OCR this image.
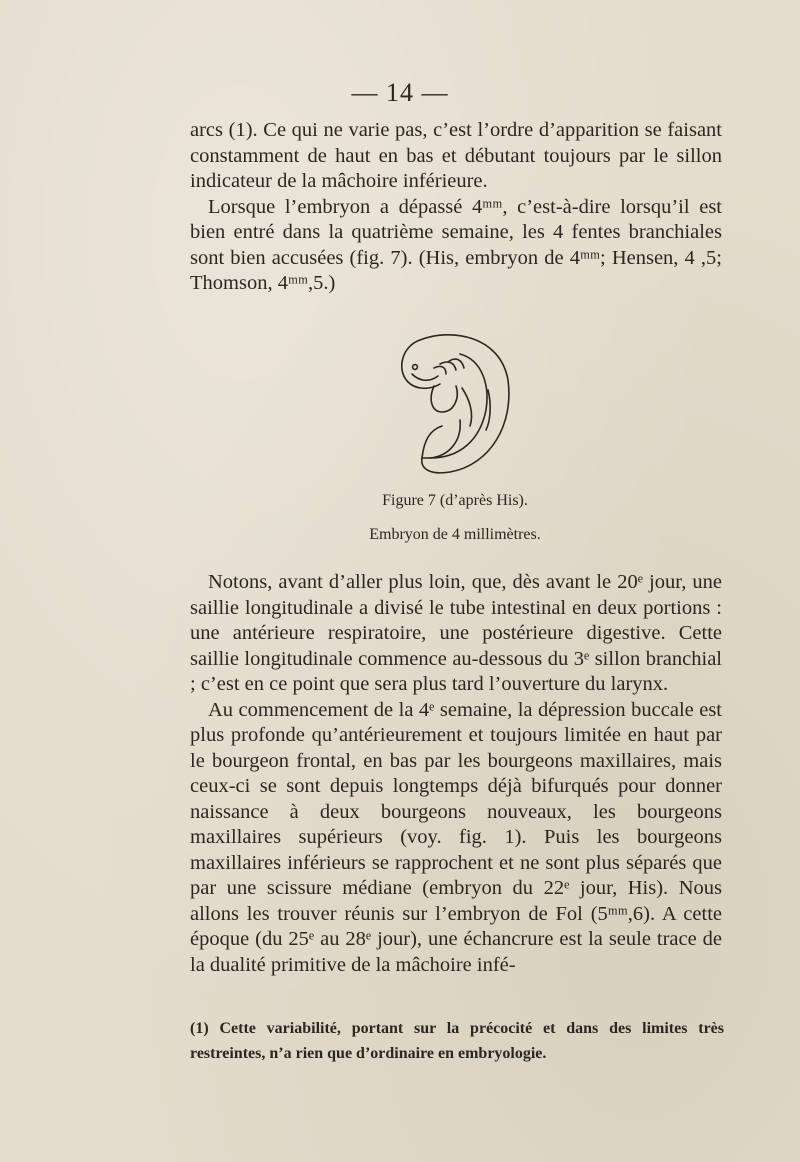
— 14 —

arcs (1). Ce qui ne varie pas, c’est l’ordre d’apparition se faisant constamment de haut en bas et débutant toujours par le sillon indicateur de la mâchoire inférieure.

Lorsque l’embryon a dépassé 4ᵐᵐ, c’est-à-dire lorsqu’il est bien entré dans la quatrième semaine, les 4 fentes branchiales sont bien accusées (fig. 7). (His, embryon de 4ᵐᵐ; Hensen, 4 ,5; Thomson, 4ᵐᵐ,5.)

Figure 7 (d’après His).
Embryon de 4 millimètres.

Notons, avant d’aller plus loin, que, dès avant le 20ᵉ jour, une saillie longitudinale a divisé le tube intestinal en deux portions : une antérieure respiratoire, une postérieure digestive. Cette saillie longitudinale commence au-dessous du 3ᵉ sillon branchial ; c’est en ce point que sera plus tard l’ouverture du larynx.

Au commencement de la 4ᵉ semaine, la dépression buccale est plus profonde qu’antérieurement et toujours limitée en haut par le bourgeon frontal, en bas par les bourgeons maxillaires, mais ceux-ci se sont depuis longtemps déjà bifurqués pour donner naissance à deux bourgeons nouveaux, les bourgeons maxillaires supérieurs (voy. fig. 1). Puis les bourgeons maxillaires inférieurs se rapprochent et ne sont plus séparés que par une scissure médiane (embryon du 22ᵉ jour, His). Nous allons les trouver réunis sur l’embryon de Fol (5ᵐᵐ,6). A cette époque (du 25ᵉ au 28ᵉ jour), une échancrure est la seule trace de la dualité primitive de la mâchoire infé-

(1) Cette variabilité, portant sur la précocité et dans des limites très restreintes, n’a rien que d’ordinaire en embryologie.
